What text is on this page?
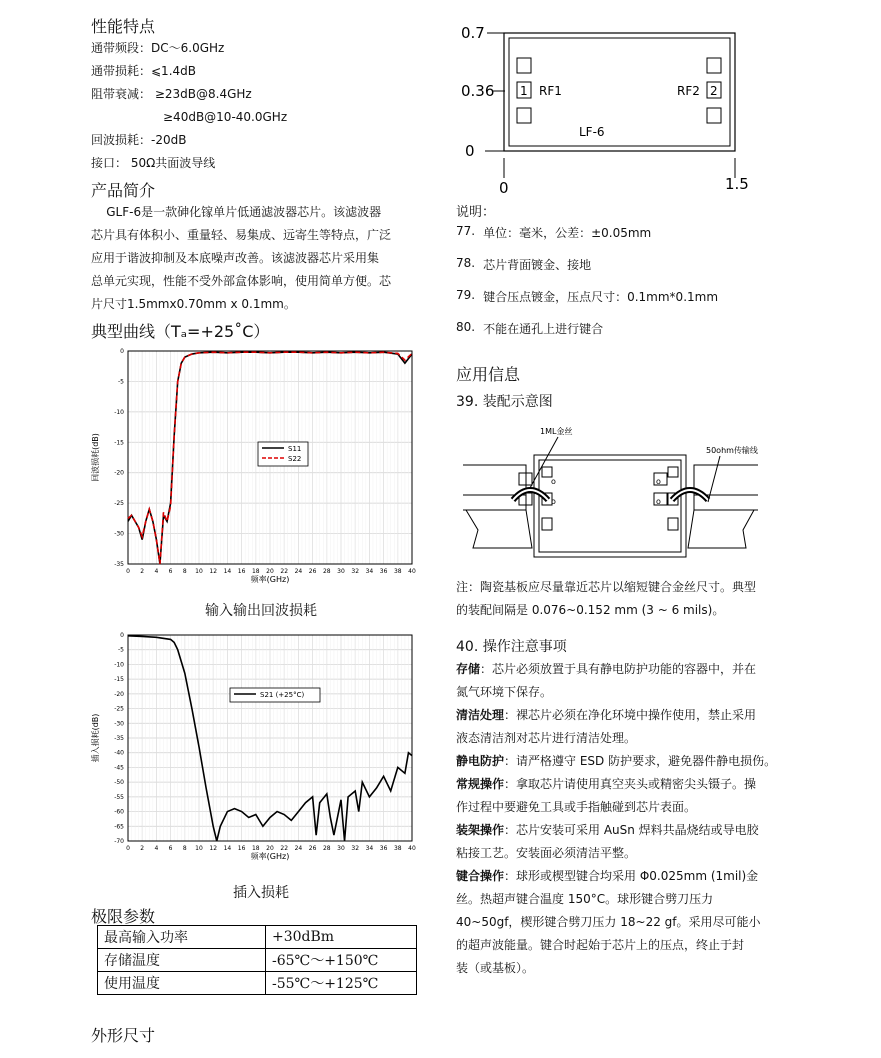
性能特点
通带频段：DC～6.0GHz
通带损耗：⩽1.4dB
阻带衰减： ≥23dB@8.4GHz
≥40dB@10-40.0GHz
回波损耗：-20dB
接口： 50Ω共面波导线
产品简介
GLF-6是一款砷化镓单片低通滤波器芯片。该滤波器
芯片具有体积小、重量轻、易集成、远寄生等特点，广泛
应用于谐波抑制及本底噪声改善。该滤波器芯片采用集
总单元实现，性能不受外部盒体影响，使用简单方便。芯
片尺寸1.5mmx0.70mm x 0.1mm。
典型曲线（Tₐ=+25˚C）
0 2 4 6 8 10 12 14 16 18 20 22 24 26 28 30 32 34 36 38 40
0
-5
-10
-15
-20
-25
-30
-35
S11
S22
频率(GHz)
回波损耗(dB)
输入输出回波损耗
0 2 4 6 8 10 12 14 16 18 20 22 24 26 28 30 32 34 36 38 40
0
-5
-10
-15
-20
-25
-30
-35
-40
-45
-50
-55
-60
-65
-70
S21 (+25°C)
频率(GHz)
插入损耗(dB)
插入损耗
极限参数
最高输入功率	+30dBm
存储温度	-65℃～+150℃
使用温度	-55℃～+125℃
外形尺寸
0.7
0.36
0
0	1.5
1 RF1	2
RF2
LF-6
说明：
77. 单位：毫米，公差：±0.05mm
78. 芯片背面镀金、接地
79. 键合压点镀金，压点尺寸：0.1mm*0.1mm
80. 不能在通孔上进行键合
应用信息
39. 装配示意图
o
o
o
o
1ML金丝
50ohm传输线
注：陶瓷基板应尽量靠近芯片以缩短键合金丝尺寸。典型
的装配间隔是 0.076~0.152 mm (3 ~ 6 mils)。
40. 操作注意事项
存储：芯片必须放置于具有静电防护功能的容器中，并在
氮气环境下保存。
清洁处理：裸芯片必须在净化环境中操作使用，禁止采用
液态清洁剂对芯片进行清洁处理。
静电防护：请严格遵守 ESD 防护要求，避免器件静电损伤。
常规操作：拿取芯片请使用真空夹头或精密尖头镊子。操
作过程中要避免工具或手指触碰到芯片表面。
装架操作：芯片安装可采用 AuSn 焊料共晶烧结或导电胶
粘接工艺。安装面必须清洁平整。
键合操作：球形或楔型键合均采用 Φ0.025mm (1mil)金
丝。热超声键合温度 150°C。球形键合劈刀压力
40~50gf，楔形键合劈刀压力 18~22 gf。采用尽可能小
的超声波能量。键合时起始于芯片上的压点，终止于封
装（或基板）。
